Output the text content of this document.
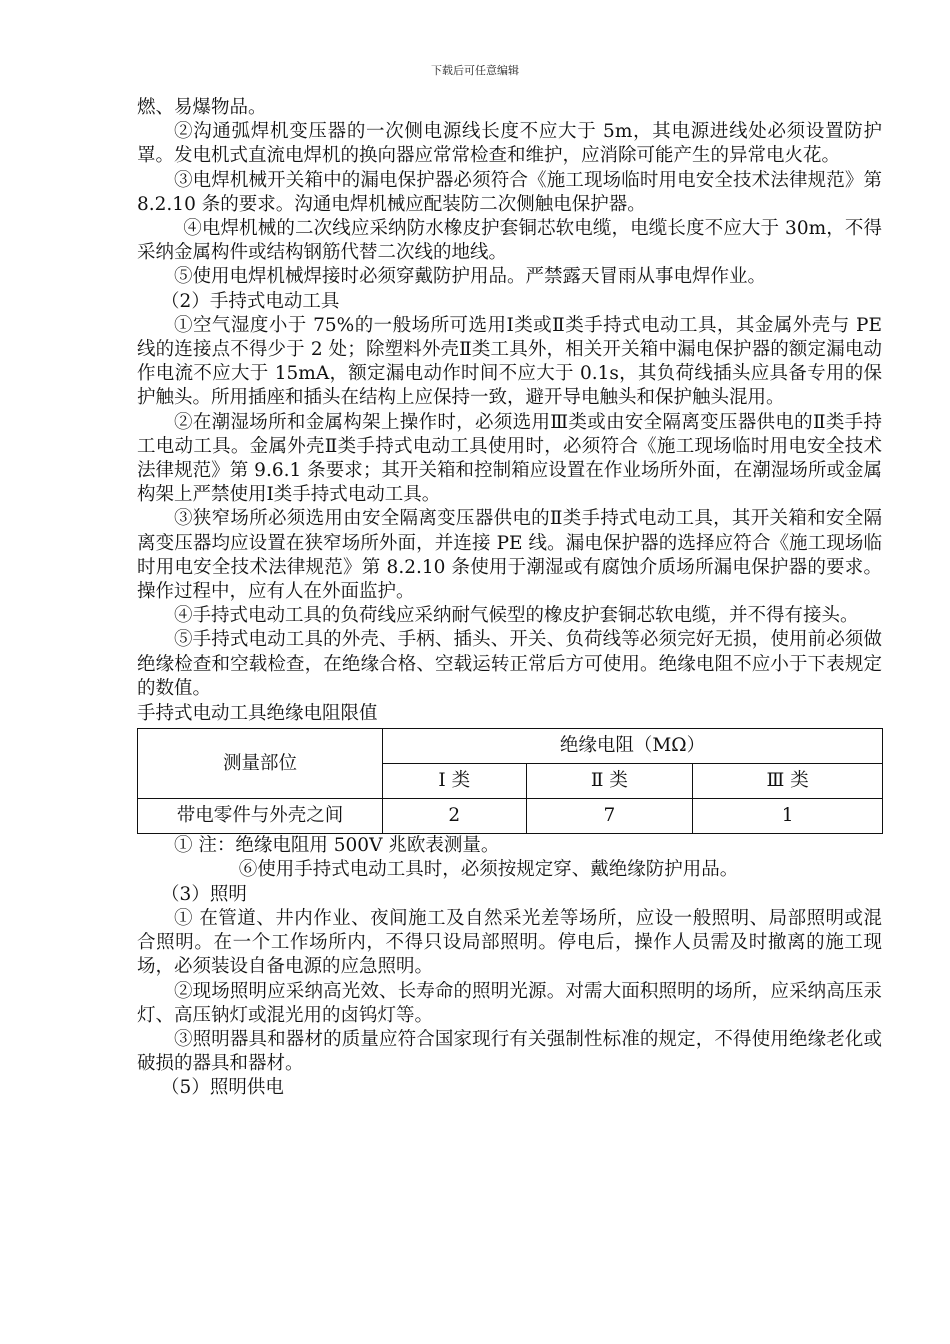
下载后可任意编辑

燃、易爆物品。

②沟通弧焊机变压器的一次侧电源线长度不应大于 5m，其电源进线处必须设置防护罩。发电机式直流电焊机的换向器应常常检查和维护，应消除可能产生的异常电火花。

③电焊机械开关箱中的漏电保护器必须符合《施工现场临时用电安全技术法律规范》第 8.2.10 条的要求。沟通电焊机械应配装防二次侧触电保护器。

④电焊机械的二次线应采纳防水橡皮护套铜芯软电缆，电缆长度不应大于 30m，不得采纳金属构件或结构钢筋代替二次线的地线。

⑤使用电焊机械焊接时必须穿戴防护用品。严禁露天冒雨从事电焊作业。

（2）手持式电动工具

①空气湿度小于 75%的一般场所可选用Ⅰ类或Ⅱ类手持式电动工具，其金属外壳与 PE 线的连接点不得少于 2 处；除塑料外壳Ⅱ类工具外，相关开关箱中漏电保护器的额定漏电动作电流不应大于 15mA，额定漏电动作时间不应大于 0.1s，其负荷线插头应具备专用的保护触头。所用插座和插头在结构上应保持一致，避开导电触头和保护触头混用。

②在潮湿场所和金属构架上操作时，必须选用Ⅲ类或由安全隔离变压器供电的Ⅱ类手持工电动工具。金属外壳Ⅱ类手持式电动工具使用时，必须符合《施工现场临时用电安全技术法律规范》第 9.6.1 条要求；其开关箱和控制箱应设置在作业场所外面，在潮湿场所或金属构架上严禁使用Ⅰ类手持式电动工具。

③狭窄场所必须选用由安全隔离变压器供电的Ⅱ类手持式电动工具，其开关箱和安全隔离变压器均应设置在狭窄场所外面，并连接 PE 线。漏电保护器的选择应符合《施工现场临时用电安全技术法律规范》第 8.2.10 条使用于潮湿或有腐蚀介质场所漏电保护器的要求。操作过程中，应有人在外面监护。

④手持式电动工具的负荷线应采纳耐气候型的橡皮护套铜芯软电缆，并不得有接头。

⑤手持式电动工具的外壳、手柄、插头、开关、负荷线等必须完好无损，使用前必须做绝缘检查和空载检查，在绝缘合格、空载运转正常后方可使用。绝缘电阻不应小于下表规定的数值。

手持式电动工具绝缘电阻限值

测量部位	绝缘电阻（MΩ）		
	Ⅰ 类	Ⅱ 类	Ⅲ 类
带电零件与外壳之间	2	7	1

① 注：绝缘电阻用 500V 兆欧表测量。

⑥使用手持式电动工具时，必须按规定穿、戴绝缘防护用品。

（3）照明

① 在管道、井内作业、夜间施工及自然采光差等场所，应设一般照明、局部照明或混合照明。在一个工作场所内，不得只设局部照明。停电后，操作人员需及时撤离的施工现场，必须装设自备电源的应急照明。

②现场照明应采纳高光效、长寿命的照明光源。对需大面积照明的场所，应采纳高压汞灯、高压钠灯或混光用的卤钨灯等。

③照明器具和器材的质量应符合国家现行有关强制性标准的规定，不得使用绝缘老化或破损的器具和器材。

（5）照明供电
